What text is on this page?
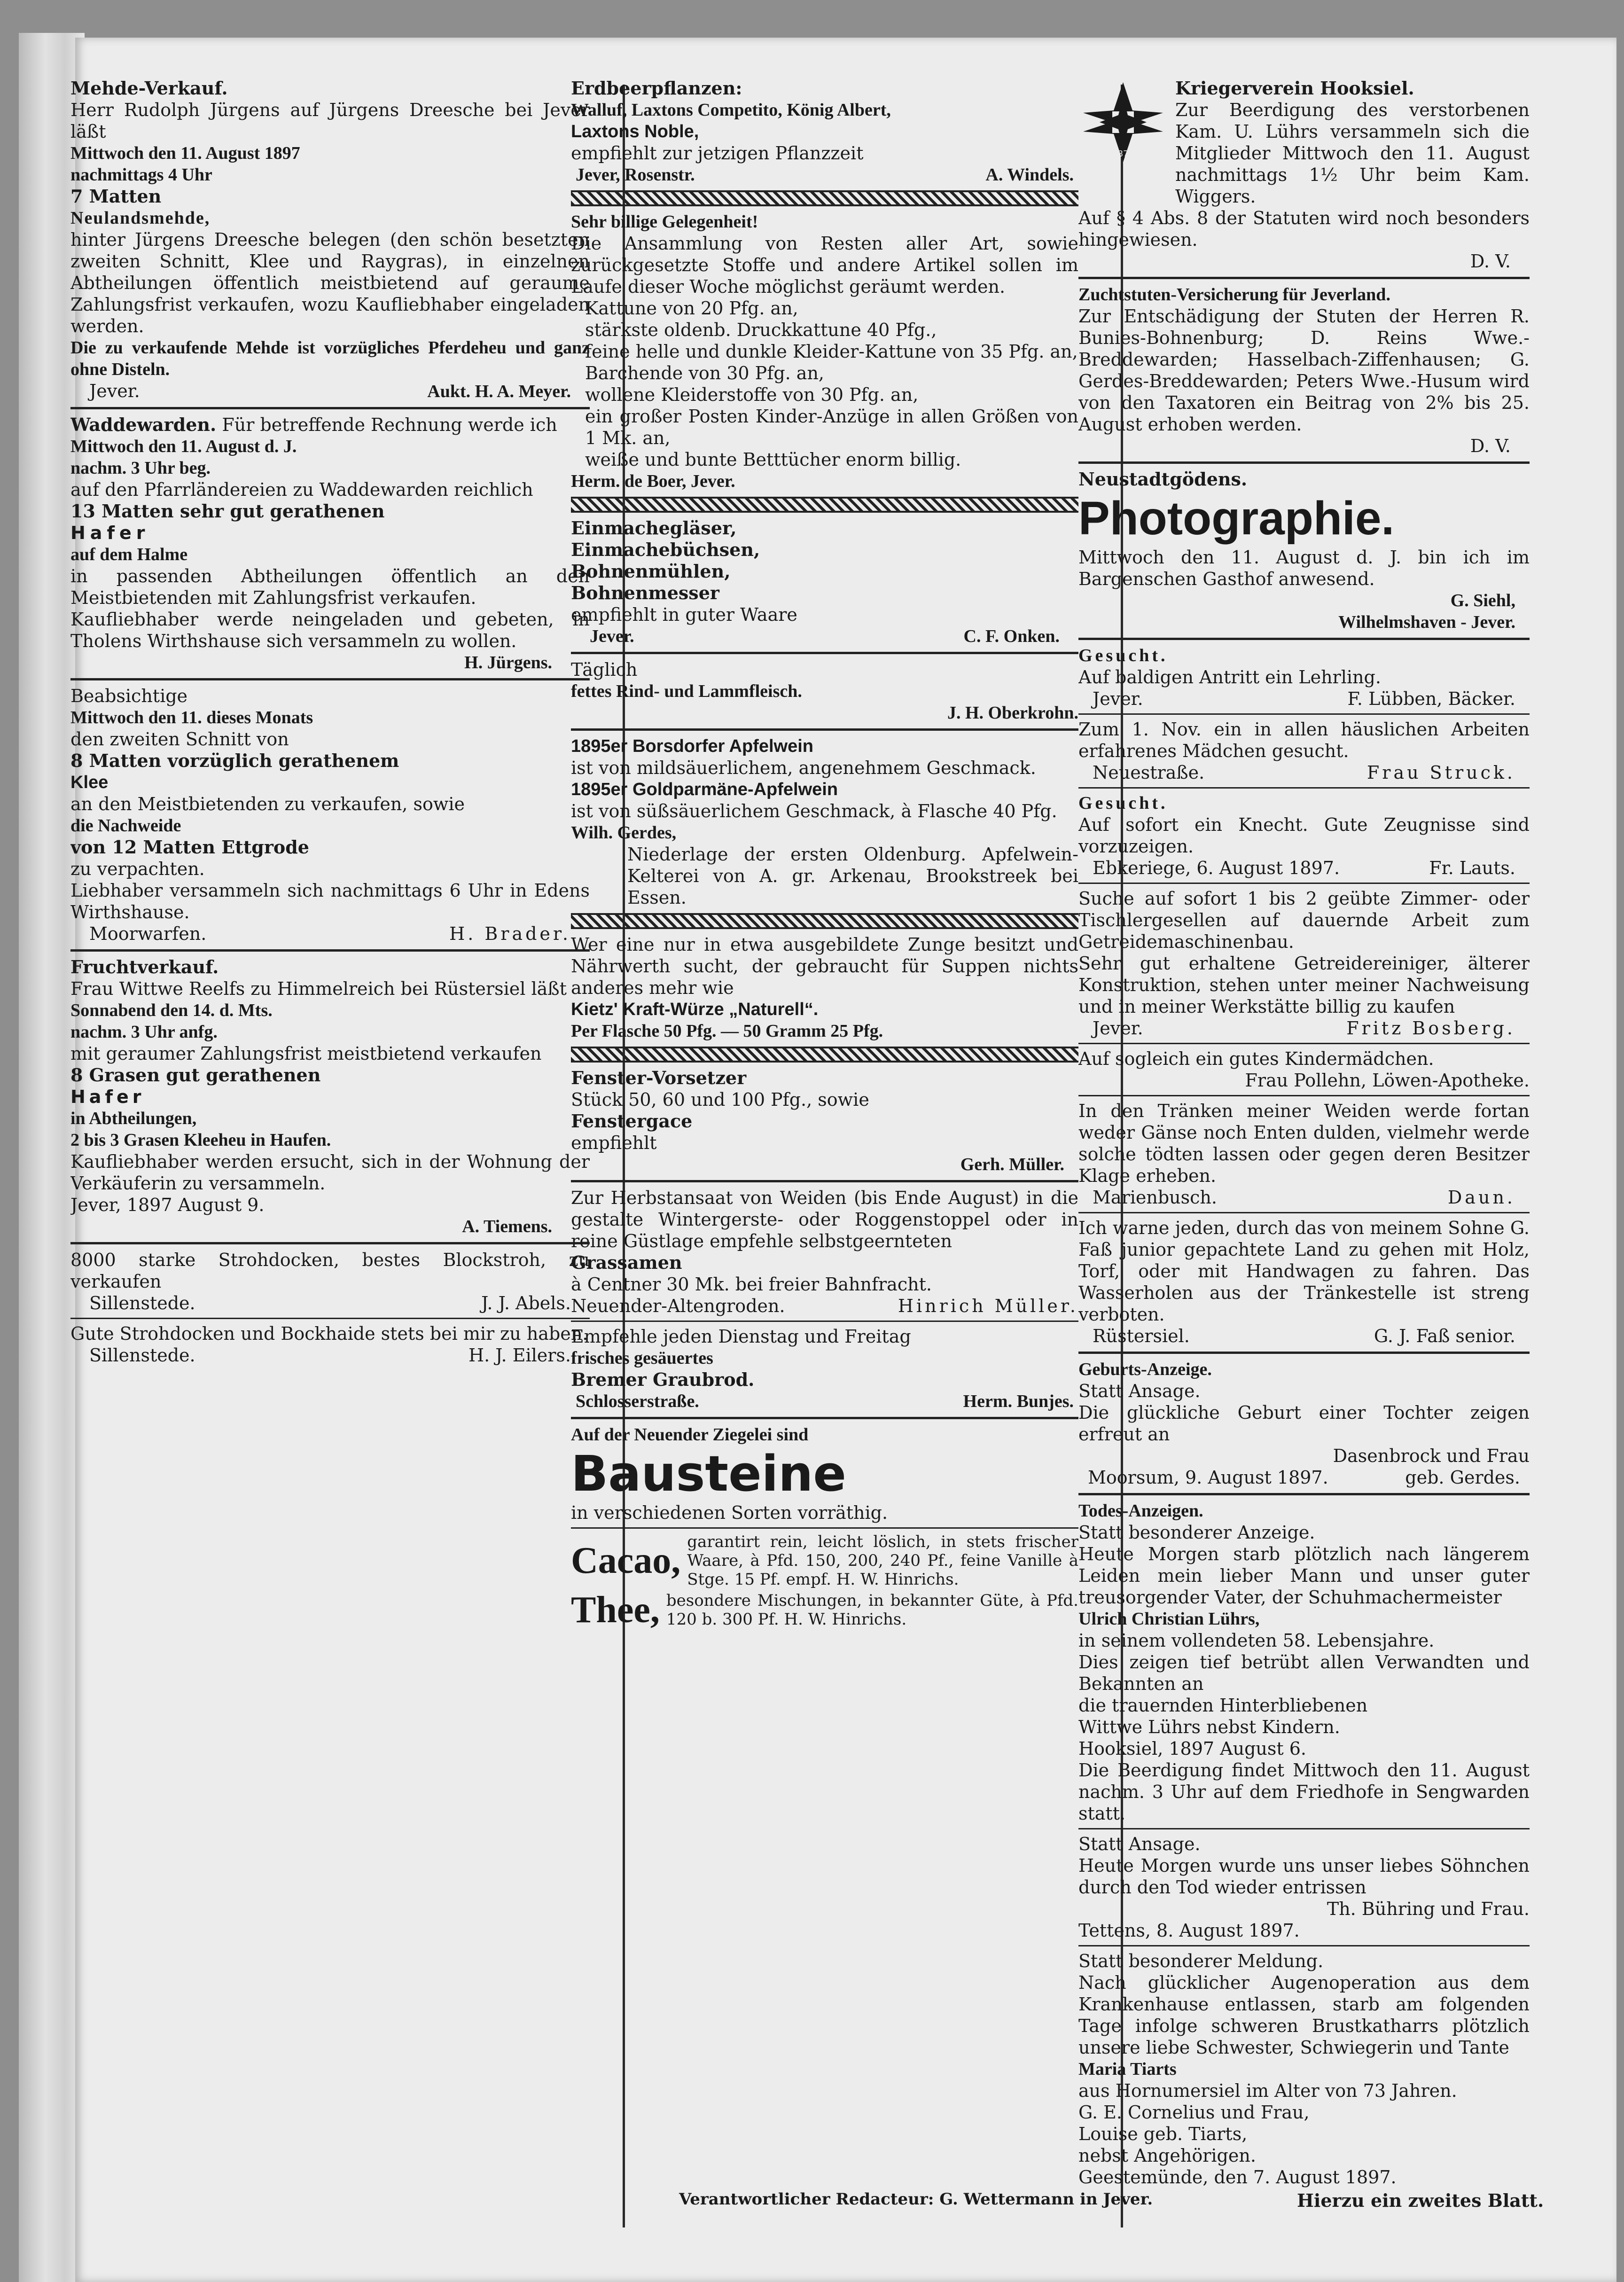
Mehde-Verkauf.

Herr Rudolph Jürgens auf Jürgens Dreesche bei Jever läßt

Mittwoch den 11. August 1897

nachmittags 4 Uhr

7 Matten

Neulandsmehde,

hinter Jürgens Dreesche belegen (den schön besetzten zweiten Schnitt, Klee und Raygras), in einzelnen Abtheilungen öffentlich meistbietend auf geraume Zahlungsfrist verkaufen, wozu Kaufliebhaber eingeladen werden.

Die zu verkaufende Mehde ist vorzügliches Pferdeheu und ganz ohne Disteln.

Jever.	Aukt. H. A. Meyer.

Waddewarden. Für betreffende Rechnung werde ich

Mittwoch den 11. August d. J.

nachm. 3 Uhr beg.

auf den Pfarrländereien zu Waddewarden reichlich

13 Matten sehr gut gerathenen

Hafer

auf dem Halme

in passenden Abtheilungen öffentlich an den Meistbietenden mit Zahlungsfrist verkaufen.

Kaufliebhaber werde neingeladen und gebeten, in Tholens Wirthshause sich versammeln zu wollen.

H. Jürgens.

Beabsichtige

Mittwoch den 11. dieses Monats

den zweiten Schnitt von

8 Matten vorzüglich gerathenem

Klee

an den Meistbietenden zu verkaufen, sowie

die Nachweide

von 12 Matten Ettgrode

zu verpachten.

Liebhaber versammeln sich nachmittags 6 Uhr in Edens Wirthshause.

Moorwarfen.	H. Brader.

Fruchtverkauf.

Frau Wittwe Reelfs zu Himmelreich bei Rüstersiel läßt

Sonnabend den 14. d. Mts.

nachm. 3 Uhr anfg.

mit geraumer Zahlungsfrist meistbietend verkaufen

8 Grasen gut gerathenen

Hafer

in Abtheilungen,

2 bis 3 Grasen Kleeheu in Haufen.

Kaufliebhaber werden ersucht, sich in der Wohnung der Verkäuferin zu versammeln.

Jever, 1897 August 9.

A. Tiemens.

8000 starke Strohdocken, bestes Blockstroh, zu verkaufen

Sillenstede.	J. J. Abels.

Gute Strohdocken und Bockhaide stets bei mir zu haben.

Sillenstede.	H. J. Eilers.

Erdbeerpflanzen:

Walluf, Laxtons Competito, König Albert,

Laxtons Noble,

empfiehlt zur jetzigen Pflanzzeit

Jever, Rosenstr.	A. Windels.

Sehr billige Gelegenheit!

Die Ansammlung von Resten aller Art, sowie zurückgesetzte Stoffe und andere Artikel sollen im Laufe dieser Woche möglichst geräumt werden.

Kattune von 20 Pfg. an,

stärkste oldenb. Druckkattune 40 Pfg.,

feine helle und dunkle Kleider-Kattune von 35 Pfg. an,

Barchende von 30 Pfg. an,

wollene Kleiderstoffe von 30 Pfg. an,

ein großer Posten Kinder-Anzüge in allen Größen von 1 Mk. an,

weiße und bunte Betttücher enorm billig.

Herm. de Boer, Jever.

Einmachegläser,

Einmachebüchsen,

Bohnenmühlen,

Bohnenmesser

empfiehlt in guter Waare

Jever.	C. F. Onken.

Täglich

fettes Rind- und Lammfleisch.

J. H. Oberkrohn.

1895er Borsdorfer Apfelwein

ist von mildsäuerlichem, angenehmem Geschmack.

1895er Goldparmäne-Apfelwein

ist von süßsäuerlichem Geschmack, à Flasche 40 Pfg.

Wilh. Gerdes,

Niederlage der ersten Oldenburg. Apfelwein-Kelterei von A. gr. Arkenau, Brookstreek bei Essen.

Wer eine nur in etwa ausgebildete Zunge besitzt und Nährwerth sucht, der gebraucht für Suppen nichts anderes mehr wie

Kietz' Kraft-Würze „Naturell“.

Per Flasche 50 Pfg. — 50 Gramm 25 Pfg.

Fenster-Vorsetzer

Stück 50, 60 und 100 Pfg., sowie

Fenstergace

empfiehlt

Gerh. Müller.

Zur Herbstansaat von Weiden (bis Ende August) in die gestalte Wintergerste- oder Roggenstoppel oder in reine Güstlage empfehle selbstgeernteten

Grassamen

à Centner 30 Mk. bei freier Bahnfracht.

Neuender-Altengroden.	Hinrich Müller.

Empfehle jeden Dienstag und Freitag

frisches gesäuertes

Bremer Graubrod.

Schlosserstraße.	Herm. Bunjes.

Auf der Neuender Ziegelei sind

Bausteine

in verschiedenen Sorten vorräthig.

Cacao, garantirt rein, leicht löslich, in stets frischer Waare, à Pfd. 150, 200, 240 Pf., feine Vanille à Stge. 15 Pf. empf. H. W. Hinrichs.

Thee, besondere Mischungen, in bekannter Güte, à Pfd. 120 b. 300 Pf. H. W. Hinrichs.

1870

Kriegerverein Hooksiel.

Zur Beerdigung des verstorbenen Kam. U. Lührs versammeln sich die Mitglieder Mittwoch den 11. August nachmittags 1½ Uhr beim Kam. Wiggers.

Auf § 4 Abs. 8 der Statuten wird noch besonders hingewiesen.

D. V.

Zuchtstuten-Versicherung für Jeverland.

Zur Entschädigung der Stuten der Herren R. Bunies-Bohnenburg; D. Reins Wwe.-Breddewarden; Hasselbach-Ziffenhausen; G. Gerdes-Breddewarden; Peters Wwe.-Husum wird von den Taxatoren ein Beitrag von 2% bis 25. August erhoben werden.

D. V.

Neustadtgödens.

Photographie.

Mittwoch den 11. August d. J. bin ich im Bargenschen Gasthof anwesend.

G. Siehl,

Wilhelmshaven - Jever.

Gesucht.

Auf baldigen Antritt ein Lehrling.

Jever.	F. Lübben, Bäcker.

Zum 1. Nov. ein in allen häuslichen Arbeiten erfahrenes Mädchen gesucht.

Neuestraße.	Frau Struck.

Gesucht.

Auf sofort ein Knecht. Gute Zeugnisse sind vorzuzeigen.

Ebkeriege, 6. August 1897.	Fr. Lauts.

Suche auf sofort 1 bis 2 geübte Zimmer- oder Tischlergesellen auf dauernde Arbeit zum Getreidemaschinenbau.

Sehr gut erhaltene Getreidereiniger, älterer Konstruktion, stehen unter meiner Nachweisung und in meiner Werkstätte billig zu kaufen

Jever.	Fritz Bosberg.

Auf sogleich ein gutes Kindermädchen.

Frau Pollehn, Löwen-Apotheke.

In den Tränken meiner Weiden werde fortan weder Gänse noch Enten dulden, vielmehr werde solche tödten lassen oder gegen deren Besitzer Klage erheben.

Marienbusch.	Daun.

Ich warne jeden, durch das von meinem Sohne G. Faß junior gepachtete Land zu gehen mit Holz, Torf, oder mit Handwagen zu fahren. Das Wasserholen aus der Tränkestelle ist streng verboten.

Rüstersiel.	G. J. Faß senior.

Geburts-Anzeige.

Statt Ansage.

Die glückliche Geburt einer Tochter zeigen erfreut an

Dasenbrock und Frau

Moorsum, 9. August 1897.	geb. Gerdes.

Todes-Anzeigen.

Statt besonderer Anzeige.

Heute Morgen starb plötzlich nach längerem Leiden mein lieber Mann und unser guter treusorgender Vater, der Schuhmachermeister

Ulrich Christian Lührs,

in seinem vollendeten 58. Lebensjahre.

Dies zeigen tief betrübt allen Verwandten und Bekannten an

die trauernden Hinterbliebenen

Wittwe Lührs nebst Kindern.

Hooksiel, 1897 August 6.

Die Beerdigung findet Mittwoch den 11. August nachm. 3 Uhr auf dem Friedhofe in Sengwarden statt.

Statt Ansage.

Heute Morgen wurde uns unser liebes Söhnchen durch den Tod wieder entrissen

Th. Bühring und Frau.

Tettens, 8. August 1897.

Statt besonderer Meldung.

Nach glücklicher Augenoperation aus dem Krankenhause entlassen, starb am folgenden Tage infolge schweren Brustkatharrs plötzlich unsere liebe Schwester, Schwiegerin und Tante

Maria Tiarts

aus Hornumersiel im Alter von 73 Jahren.

G. E. Cornelius und Frau,

Louise geb. Tiarts,

nebst Angehörigen.

Geestemünde, den 7. August 1897.

Verantwortlicher Redacteur: G. Wettermann in Jever.	Hierzu ein zweites Blatt.
